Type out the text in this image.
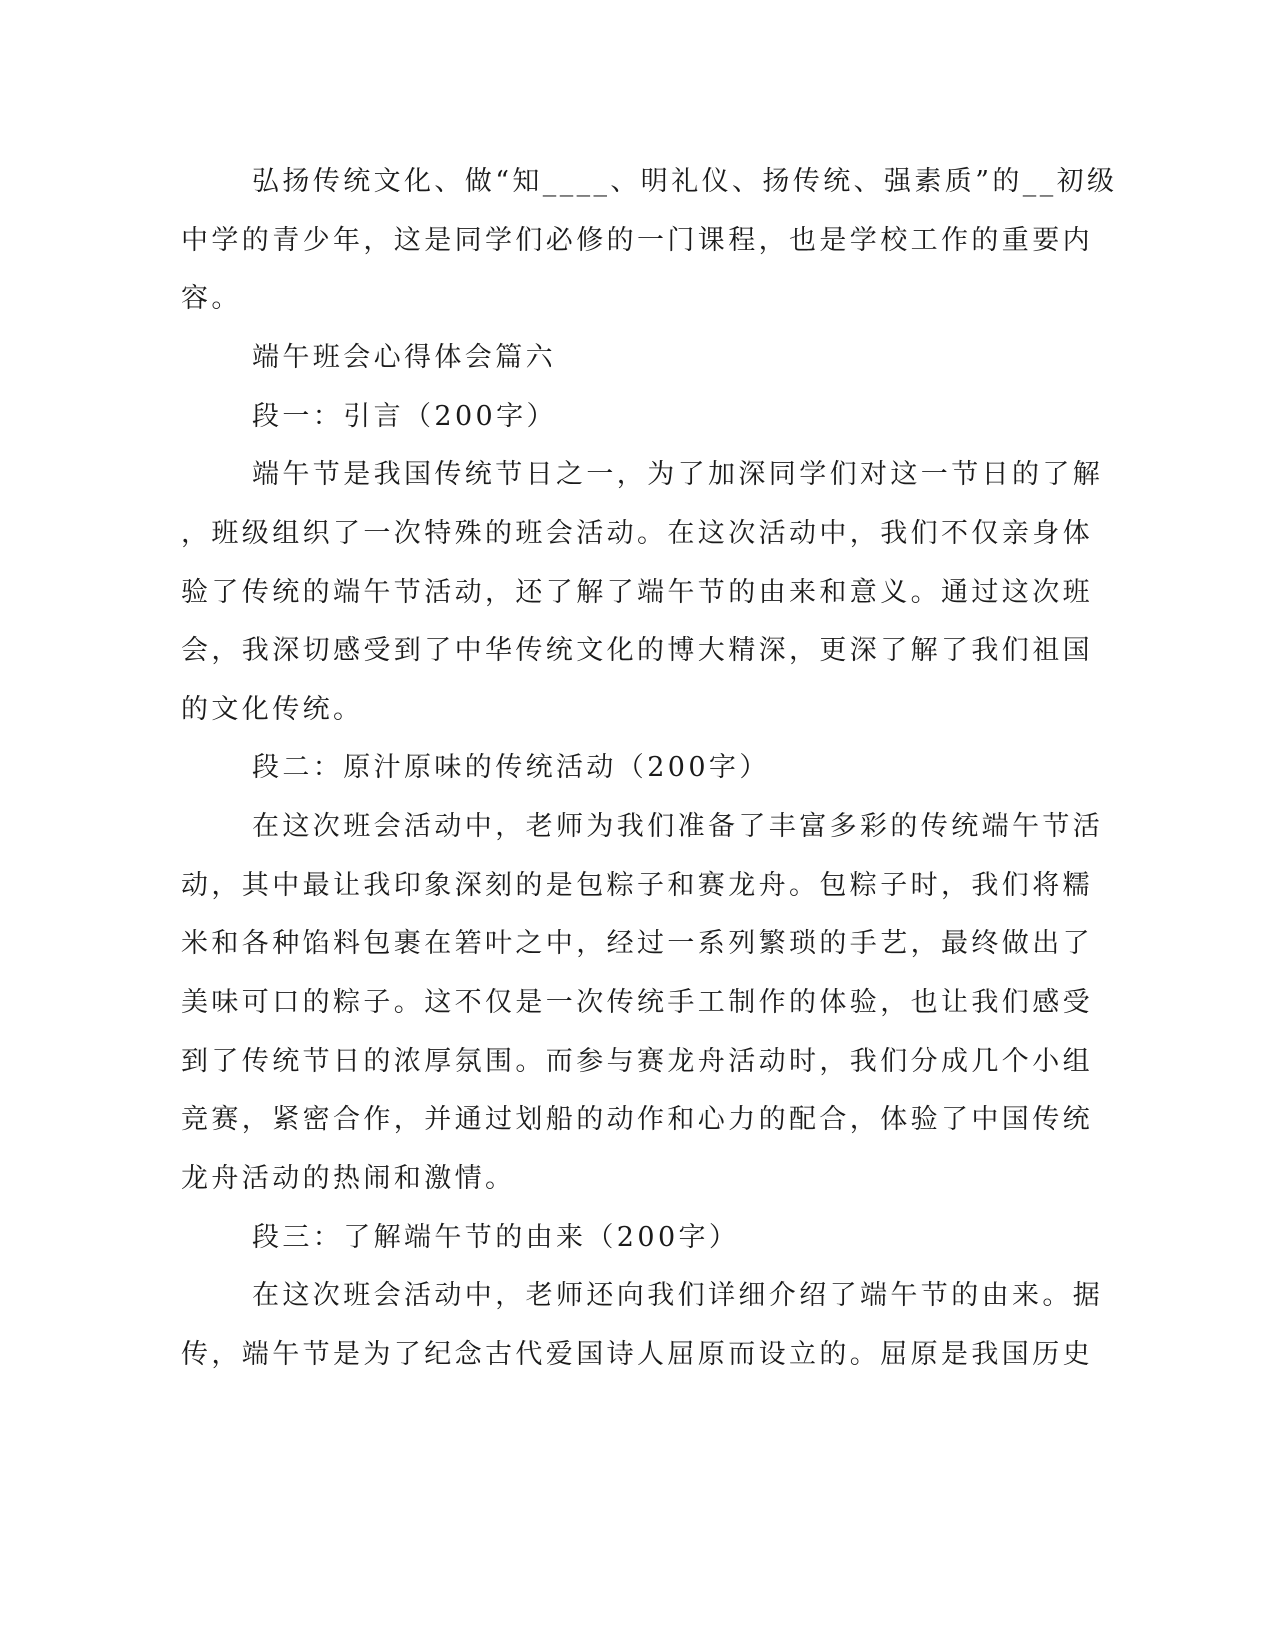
弘扬传统文化、做“知____、明礼仪、扬传统、强素质”的__初级
中学的青少年，这是同学们必修的一门课程，也是学校工作的重要内
容。
端午班会心得体会篇六
段一：引言（200字）
端午节是我国传统节日之一，为了加深同学们对这一节日的了解
，班级组织了一次特殊的班会活动。在这次活动中，我们不仅亲身体
验了传统的端午节活动，还了解了端午节的由来和意义。通过这次班
会，我深切感受到了中华传统文化的博大精深，更深了解了我们祖国
的文化传统。
段二：原汁原味的传统活动（200字）
在这次班会活动中，老师为我们准备了丰富多彩的传统端午节活
动，其中最让我印象深刻的是包粽子和赛龙舟。包粽子时，我们将糯
米和各种馅料包裹在箬叶之中，经过一系列繁琐的手艺，最终做出了
美味可口的粽子。这不仅是一次传统手工制作的体验，也让我们感受
到了传统节日的浓厚氛围。而参与赛龙舟活动时，我们分成几个小组
竞赛，紧密合作，并通过划船的动作和心力的配合，体验了中国传统
龙舟活动的热闹和激情。
段三：了解端午节的由来（200字）
在这次班会活动中，老师还向我们详细介绍了端午节的由来。据
传，端午节是为了纪念古代爱国诗人屈原而设立的。屈原是我国历史
